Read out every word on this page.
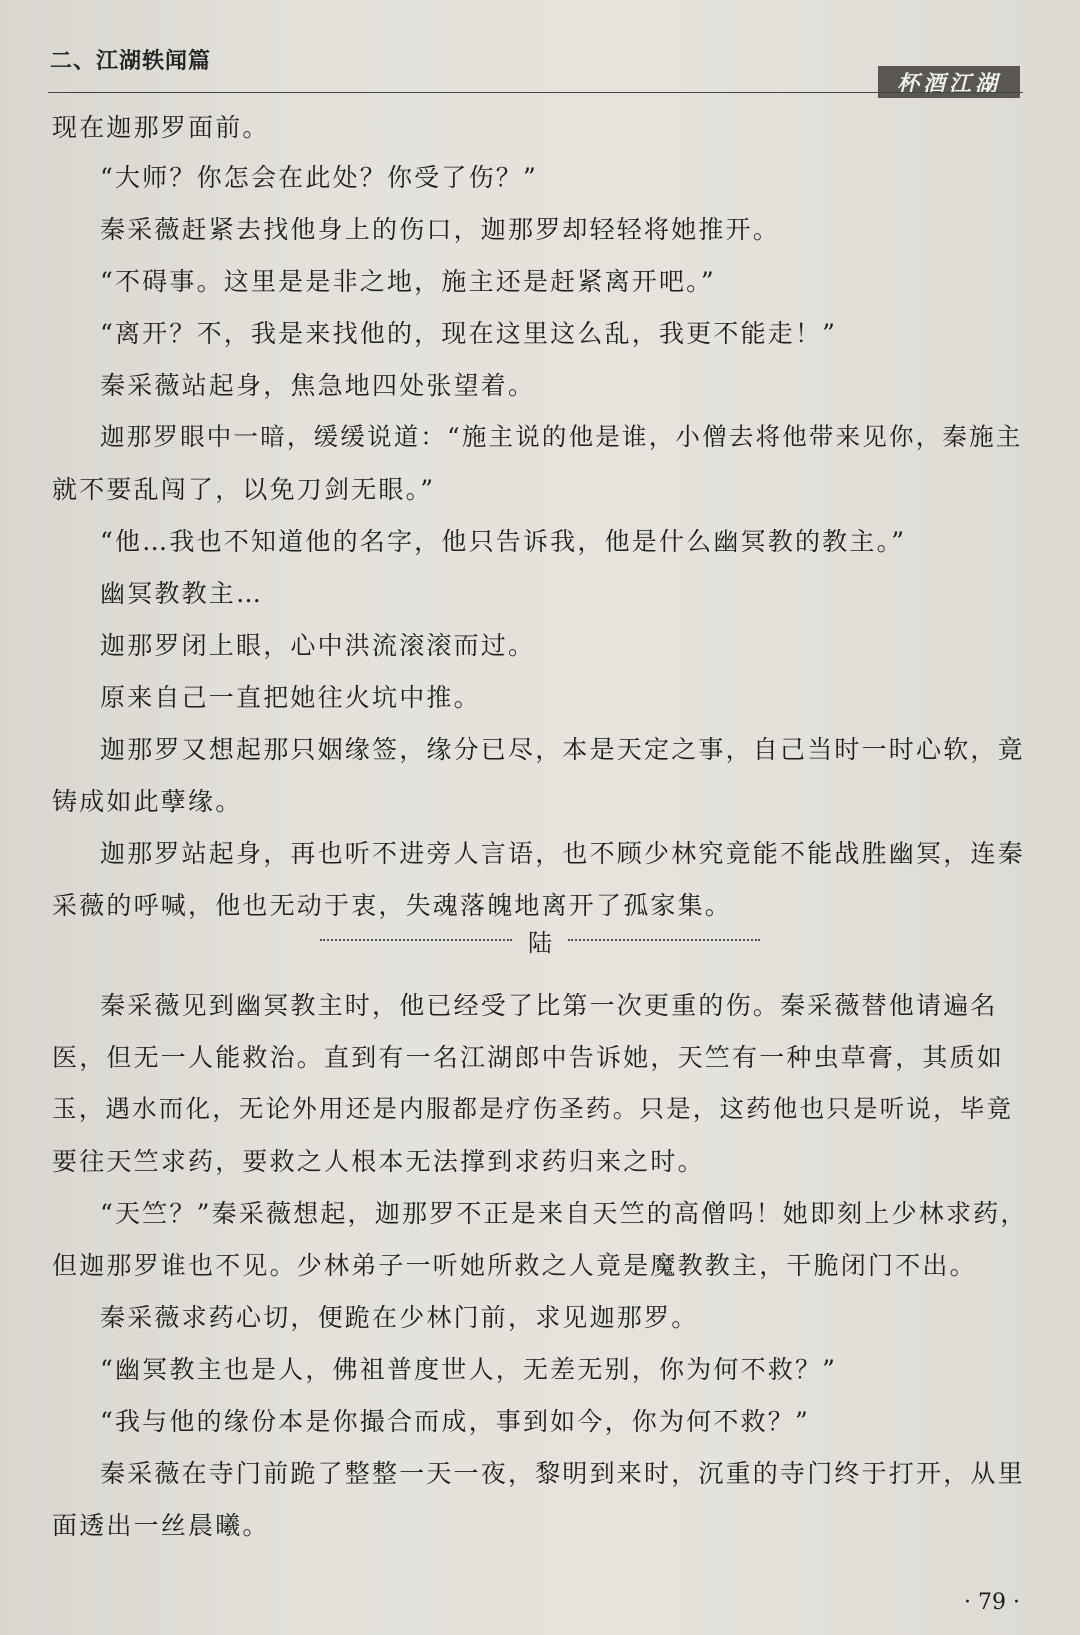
二、江湖轶闻篇
杯酒江湖
现在迦那罗面前。
“大师？你怎会在此处？你受了伤？”
秦采薇赶紧去找他身上的伤口，迦那罗却轻轻将她推开。
“不碍事。这里是是非之地，施主还是赶紧离开吧。”
“离开？不，我是来找他的，现在这里这么乱，我更不能走！”
秦采薇站起身，焦急地四处张望着。
迦那罗眼中一暗，缓缓说道：“施主说的他是谁，小僧去将他带来见你，秦施主
就不要乱闯了，以免刀剑无眼。”
“他…我也不知道他的名字，他只告诉我，他是什么幽冥教的教主。”
幽冥教教主…
迦那罗闭上眼，心中洪流滚滚而过。
原来自己一直把她往火坑中推。
迦那罗又想起那只姻缘签，缘分已尽，本是天定之事，自己当时一时心软，竟
铸成如此孽缘。
迦那罗站起身，再也听不进旁人言语，也不顾少林究竟能不能战胜幽冥，连秦
采薇的呼喊，他也无动于衷，失魂落魄地离开了孤家集。
陆
秦采薇见到幽冥教主时，他已经受了比第一次更重的伤。秦采薇替他请遍名
医，但无一人能救治。直到有一名江湖郎中告诉她，天竺有一种虫草膏，其质如
玉，遇水而化，无论外用还是内服都是疗伤圣药。只是，这药他也只是听说，毕竟
要往天竺求药，要救之人根本无法撑到求药归来之时。
“天竺？”秦采薇想起，迦那罗不正是来自天竺的高僧吗！她即刻上少林求药，
但迦那罗谁也不见。少林弟子一听她所救之人竟是魔教教主，干脆闭门不出。
秦采薇求药心切，便跪在少林门前，求见迦那罗。
“幽冥教主也是人，佛祖普度世人，无差无别，你为何不救？”
“我与他的缘份本是你撮合而成，事到如今，你为何不救？”
秦采薇在寺门前跪了整整一天一夜，黎明到来时，沉重的寺门终于打开，从里
面透出一丝晨曦。
· 79 ·
